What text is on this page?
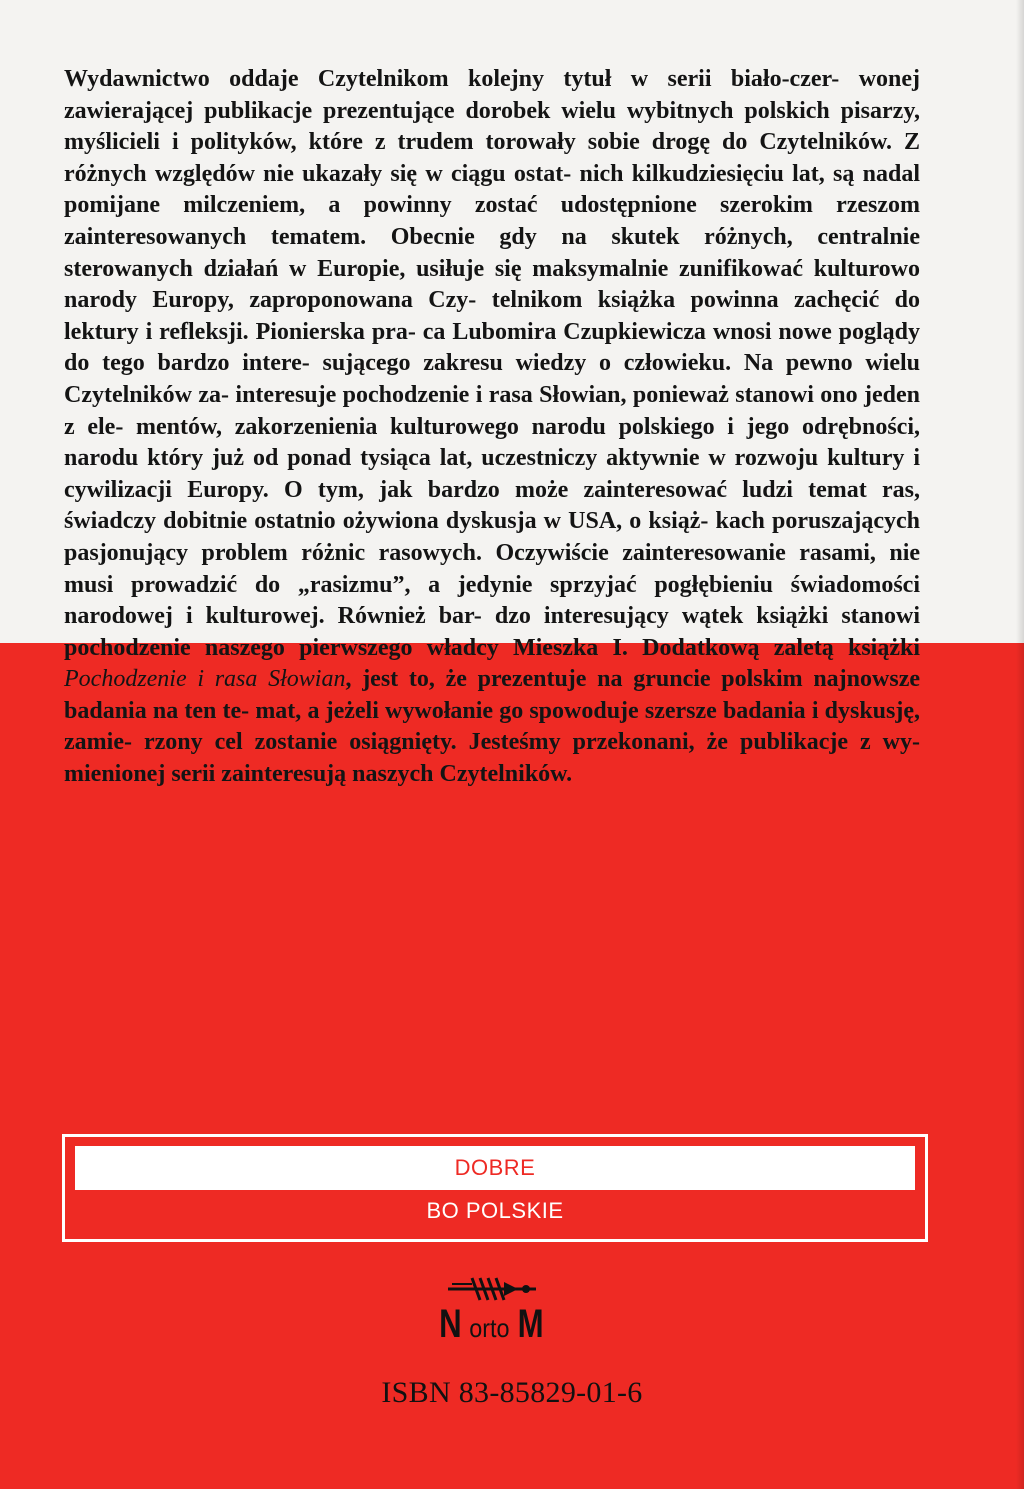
Wydawnictwo oddaje Czytelnikom kolejny tytuł w serii biało-czer- wonej zawierającej publikacje prezentujące dorobek wielu wybitnych polskich pisarzy, myślicieli i polityków, które z trudem torowały sobie drogę do Czytelników. Z różnych względów nie ukazały się w ciągu ostat- nich kilkudziesięciu lat, są nadal pomijane milczeniem, a powinny zostać udostępnione szerokim rzeszom zainteresowanych tematem. Obecnie gdy na skutek różnych, centralnie sterowanych działań w Europie, usiłuje się maksymalnie zunifikować kulturowo narody Europy, zaproponowana Czy- telnikom książka powinna zachęcić do lektury i refleksji. Pionierska pra- ca Lubomira Czupkiewicza wnosi nowe poglądy do tego bardzo intere- sującego zakresu wiedzy o człowieku. Na pewno wielu Czytelników za- interesuje pochodzenie i rasa Słowian, ponieważ stanowi ono jeden z ele- mentów, zakorzenienia kulturowego narodu polskiego i jego odrębności, narodu który już od ponad tysiąca lat, uczestniczy aktywnie w rozwoju kultury i cywilizacji Europy. O tym, jak bardzo może zainteresować ludzi temat ras, świadczy dobitnie ostatnio ożywiona dyskusja w USA, o książ- kach poruszających pasjonujący problem różnic rasowych. Oczywiście zainteresowanie rasami, nie musi prowadzić do „rasizmu”, a jedynie sprzyjać pogłębieniu świadomości narodowej i kulturowej. Również bar- dzo interesujący wątek książki stanowi pochodzenie naszego pierwszego władcy Mieszka I. Dodatkową zaletą książki Pochodzenie i rasa Słowian, jest to, że prezentuje na gruncie polskim najnowsze badania na ten te- mat, a jeżeli wywołanie go spowoduje szersze badania i dyskusję, zamie- rzony cel zostanie osiągnięty. Jesteśmy przekonani, że publikacje z wy- mienionej serii zainteresują naszych Czytelników.

DOBRE
BO POLSKIE
N orto M
ISBN 83-85829-01-6
